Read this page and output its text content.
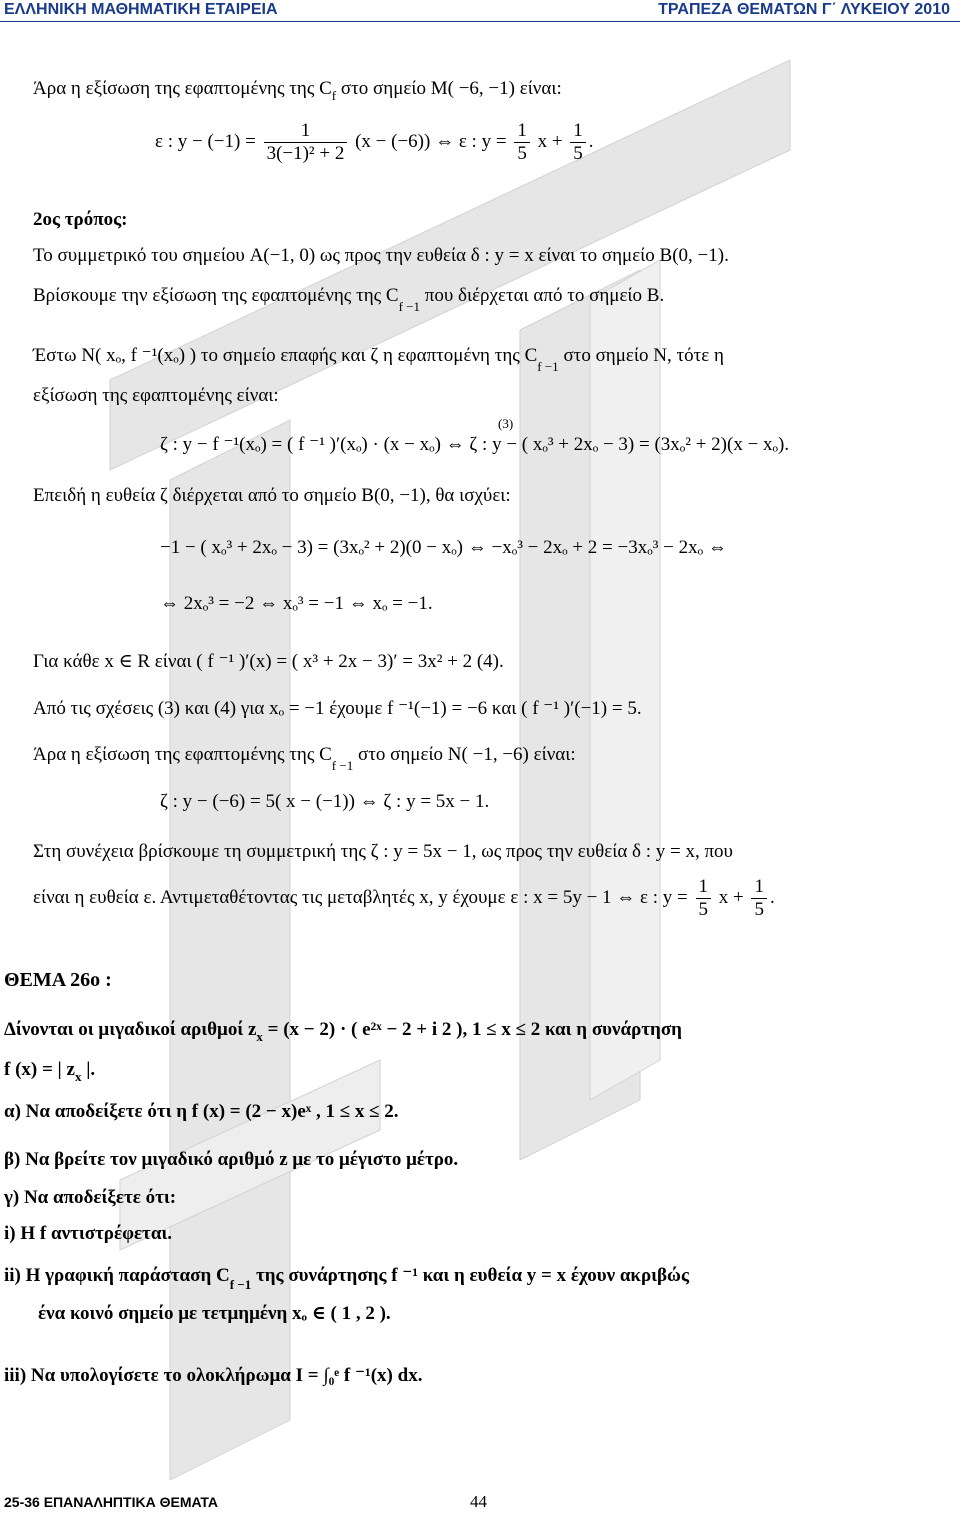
ΕΛΛΗΝΙΚΗ ΜΑΘΗΜΑΤΙΚΗ ΕΤΑΙΡΕΙΑ	ΤΡΑΠΕΖΑ ΘΕΜΑΤΩΝ Γ΄ ΛΥΚΕΙΟΥ 2010
Άρα η εξίσωση της εφαπτομένης της $C_f$ στο σημείο M( −6, −1) είναι:
ε : $y - (-1) = \frac{1}{\text{3(−1)² + 2}} (x - (-6))$ ⇔ ε : $y = \frac{1}{5}$ $x + \frac{1}{5}$ .
2ος τρόπος:
Το συμμετρικό του σημείου A(−1, 0) ως προς την ευθεία δ : y = x είναι το σημείο B(0, −1).
Βρίσκουμε την εξίσωση της εφαπτομένης της $C_{f -1}$ που διέρχεται από το σημείο B.
Έστω N( xₒ, f ⁻¹(xₒ) ) το σημείο επαφής και ζ η εφαπτομένη της $C_{f -1}$ στο σημείο N, τότε η
εξίσωση της εφαπτομένης είναι:
(3)
ζ : y − f ⁻¹(xₒ) = ( f ⁻¹ )′(xₒ) · (x − xₒ) ⇔ ζ : y − ( xₒ³ + 2xₒ − 3) = (3xₒ² + 2)(x − xₒ).
Επειδή η ευθεία ζ διέρχεται από το σημείο B(0, −1), θα ισχύει:
−1 − ( xₒ³ + 2xₒ − 3) = (3xₒ² + 2)(0 − xₒ) ⇔ −xₒ³ − 2xₒ + 2 = −3xₒ³ − 2xₒ ⇔
⇔ 2xₒ³ = −2 ⇔ xₒ³ = −1 ⇔ xₒ = −1.
Για κάθε x ∈ R είναι ( f ⁻¹ )′(x) = ( x³ + 2x − 3)′ = 3x² + 2 (4).
Από τις σχέσεις (3) και (4) για xₒ = −1 έχουμε f ⁻¹(−1) = −6 και ( f ⁻¹ )′(−1) = 5.
Άρα η εξίσωση της εφαπτομένης της $C_{f -1}$ στο σημείο N( −1, −6) είναι:
ζ : y − (−6) = 5( x − (−1)) ⇔ ζ : y = 5x − 1.
Στη συνέχεια βρίσκουμε τη συμμετρική της ζ : y = 5x − 1, ως προς την ευθεία δ : y = x, που
είναι η ευθεία ε. Αντιμεταθέτοντας τις μεταβλητές x, y έχουμε ε : x = 5y − 1 ⇔ ε : $y = \frac{1}{5}$ $x + \frac{1}{5}$ .
ΘΕΜΑ 26ο :
Δίνονται οι μιγαδικοί αριθμοί $z_x = (x - 2)$ · ( e²ˣ − 2 + i 2 ), 1 ≤ x ≤ 2 και η συνάρτηση
f (x) = | $z_x$ |.
α) Να αποδείξετε ότι η f (x) = (2 − x)eˣ , 1 ≤ x ≤ 2.
β) Να βρείτε τον μιγαδικό αριθμό z με το μέγιστο μέτρο.
γ) Να αποδείξετε ότι:
i) Η f αντιστρέφεται.
ii) Η γραφική παράσταση $C_{f -1}$ της συνάρτησης f ⁻¹ και η ευθεία y = x έχουν ακριβώς
ένα κοινό σημείο με τετμημένη xₒ ∈ ( 1 , 2 ).
iii) Να υπολογίσετε το ολοκλήρωμα I = ∫₀ᵉ f ⁻¹(x) dx.
25-36 ΕΠΑΝΑΛΗΠΤΙΚΑ ΘΕΜΑΤΑ	44
